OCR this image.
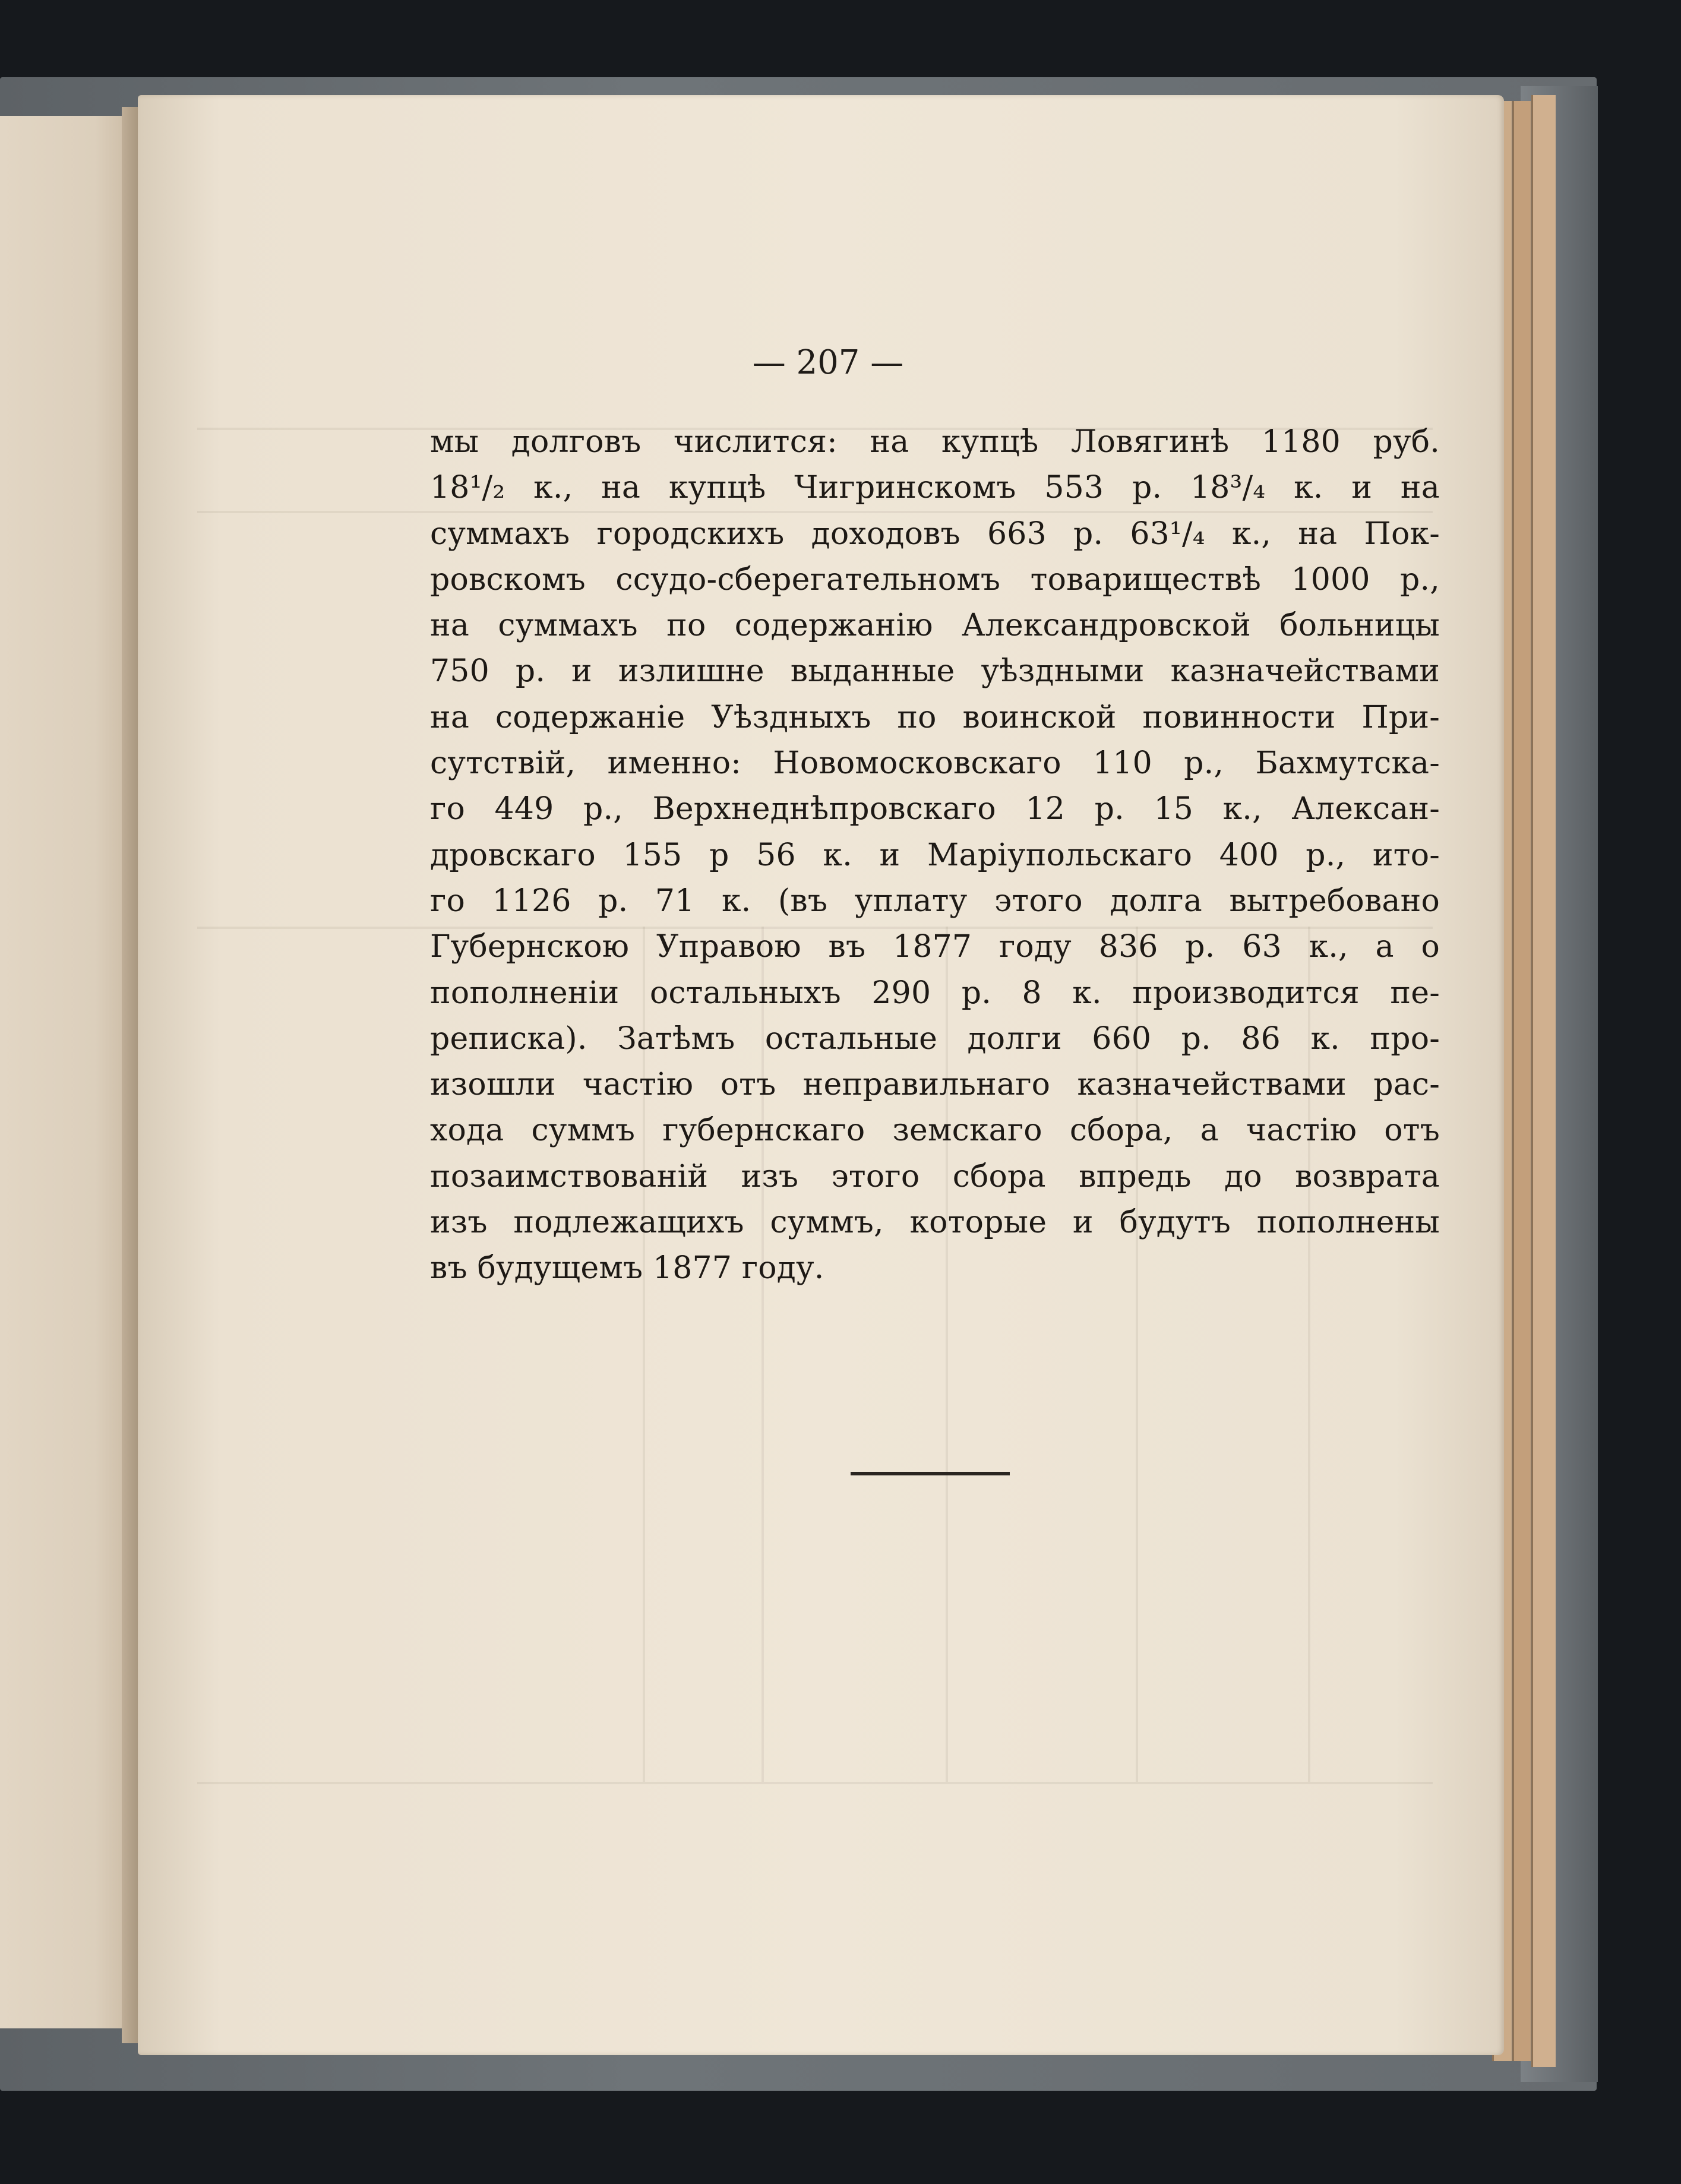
— 207 —
мы долговъ числится: на купцѣ Ловягинѣ 1180 руб.
18¹/₂ к., на купцѣ Чигринскомъ 553 р. 18³/₄ к. и на
суммахъ городскихъ доходовъ 663 р. 63¹/₄ к., на Пок-
ровскомъ ссудо-сберегательномъ товариществѣ 1000 р.,
на суммахъ по содержанію Александровской больницы
750 р. и излишне выданные уѣздными казначействами
на содержаніе Уѣздныхъ по воинской повинности При-
сутствій, именно: Новомосковскаго 110 р., Бахмутска-
го 449 р., Верхнеднѣпровскаго 12 р. 15 к., Алексан-
дровскаго 155 р 56 к. и Маріупольскаго 400 р., ито-
го 1126 р. 71 к. (въ уплату этого долга вытребовано
Губернскою Управою въ 1877 году 836 р. 63 к., а о
пополненіи остальныхъ 290 р. 8 к. производится пе-
реписка). Затѣмъ остальные долги 660 р. 86 к. про-
изошли частію отъ неправильнаго казначействами рас-
хода суммъ губернскаго земскаго сбора, а частію отъ
позаимствованій изъ этого сбора впредь до возврата
изъ подлежащихъ суммъ, которые и будутъ пополнены
въ будущемъ 1877 году.
